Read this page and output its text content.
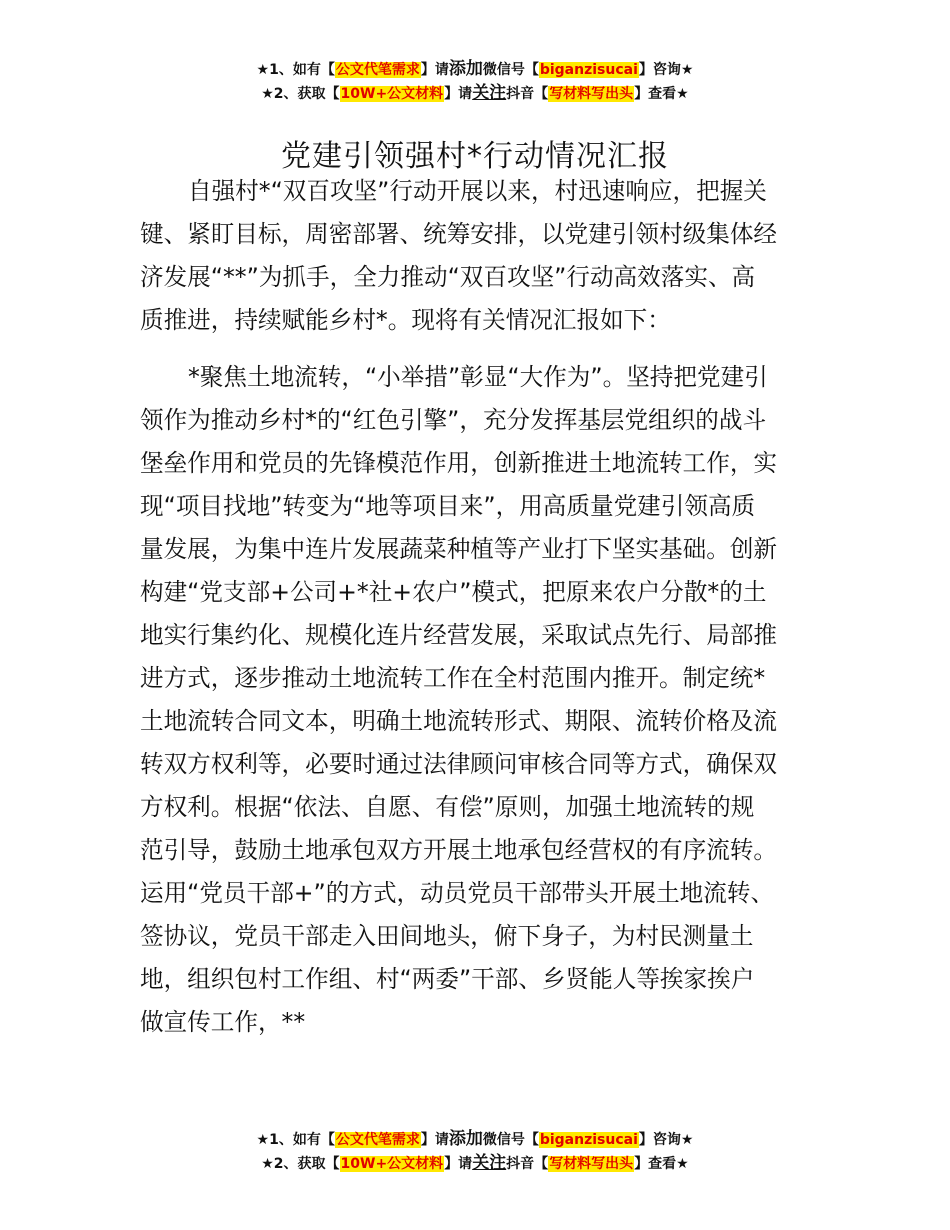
★1、如有【公文代笔需求】请添加微信号【biganzisucai】咨询★
★2、获取【10W+公文材料】请关注抖音【写材料写出头】查看★
党建引领强村*行动情况汇报

自强村*“双百攻坚”行动开展以来，村迅速响应，把握关
键、紧盯目标，周密部署、统筹安排，以党建引领村级集体经
济发展“**”为抓手，全力推动“双百攻坚”行动高效落实、高
质推进，持续赋能乡村*。现将有关情况汇报如下：

*聚焦土地流转，“小举措”彰显“大作为”。坚持把党建引
领作为推动乡村*的“红色引擎”，充分发挥基层党组织的战斗
堡垒作用和党员的先锋模范作用，创新推进土地流转工作，实
现“项目找地”转变为“地等项目来”，用高质量党建引领高质
量发展，为集中连片发展蔬菜种植等产业打下坚实基础。创新
构建“党支部+公司+*社+农户”模式，把原来农户分散*的土
地实行集约化、规模化连片经营发展，采取试点先行、局部推
进方式，逐步推动土地流转工作在全村范围内推开。制定统*
土地流转合同文本，明确土地流转形式、期限、流转价格及流
转双方权利等，必要时通过法律顾问审核合同等方式，确保双
方权利。根据“依法、自愿、有偿”原则，加强土地流转的规
范引导，鼓励土地承包双方开展土地承包经营权的有序流转。
运用“党员干部+”的方式，动员党员干部带头开展土地流转、
签协议，党员干部走入田间地头，俯下身子，为村民测量土
地，组织包村工作组、村“两委”干部、乡贤能人等挨家挨户
做宣传工作，**

★1、如有【公文代笔需求】请添加微信号【biganzisucai】咨询★
★2、获取【10W+公文材料】请关注抖音【写材料写出头】查看★
